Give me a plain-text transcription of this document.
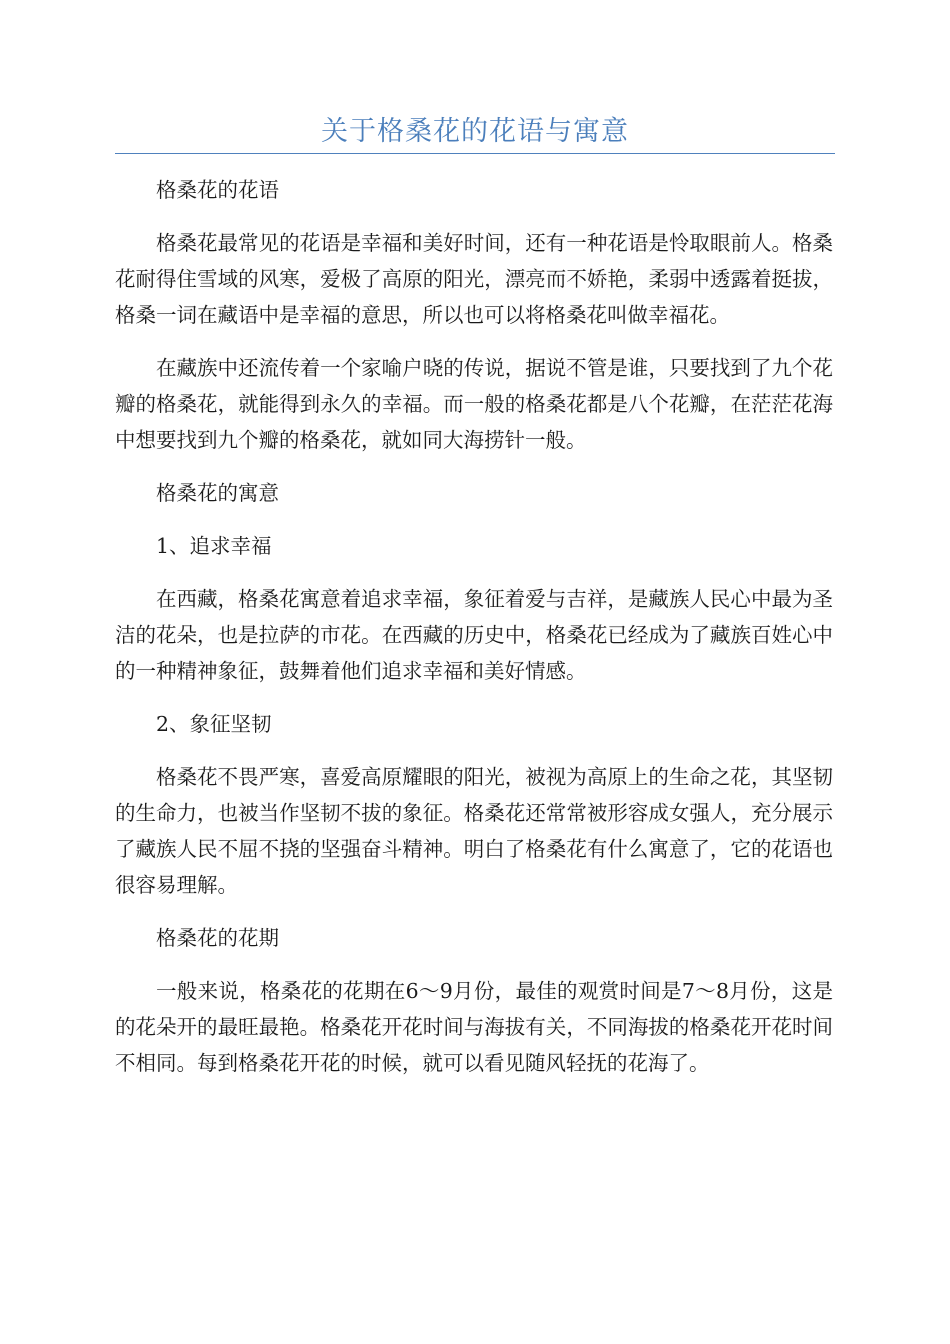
关于格桑花的花语与寓意

格桑花的花语

格桑花最常见的花语是幸福和美好时间，还有一种花语是怜取眼前人。格桑花耐得住雪域的风寒，爱极了高原的阳光，漂亮而不娇艳，柔弱中透露着挺拔，格桑一词在藏语中是幸福的意思，所以也可以将格桑花叫做幸福花。

在藏族中还流传着一个家喻户晓的传说，据说不管是谁，只要找到了九个花瓣的格桑花，就能得到永久的幸福。而一般的格桑花都是八个花瓣，在茫茫花海中想要找到九个瓣的格桑花，就如同大海捞针一般。

格桑花的寓意

1、追求幸福

在西藏，格桑花寓意着追求幸福，象征着爱与吉祥，是藏族人民心中最为圣洁的花朵，也是拉萨的市花。在西藏的历史中，格桑花已经成为了藏族百姓心中的一种精神象征，鼓舞着他们追求幸福和美好情感。

2、象征坚韧

格桑花不畏严寒，喜爱高原耀眼的阳光，被视为高原上的生命之花，其坚韧的生命力，也被当作坚韧不拔的象征。格桑花还常常被形容成女强人，充分展示了藏族人民不屈不挠的坚强奋斗精神。明白了格桑花有什么寓意了，它的花语也很容易理解。

格桑花的花期

一般来说，格桑花的花期在6～9月份，最佳的观赏时间是7～8月份，这是的花朵开的最旺最艳。格桑花开花时间与海拔有关，不同海拔的格桑花开花时间不相同。每到格桑花开花的时候，就可以看见随风轻抚的花海了。
